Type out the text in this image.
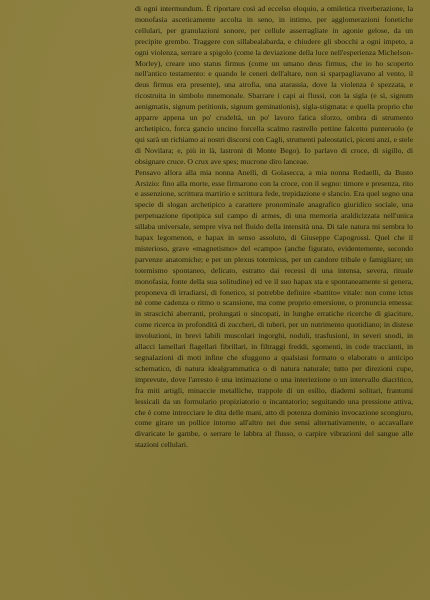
di ogni intermundum. È riportare così ad eccelso eloquio, a omiletica riverberazione, la monofasia asceticamente accolta in seno, in intimo, per agglomerazioni fonetiche cellulari, per granulazioni sonore, per cellule asserragliate in agonie gelose, da un precipite grembo. Traggere con sillabealabarda, e chiudere gli sbocchi a ogni impeto, a ogni violenza, serrare a spigolo (come la deviazione della luce nell'esperienza Michelson-Morley), creare uno status firmus (come un umano deus firmus, che io ho scoperto nell'antico testamento: e quando le ceneri dell'altare, non si sparpagliavano al vento, il deus firmus era presente), una atrofia, una atarassia, dove la violenza è spezzata, e ricostruita in simbolo mnemonale. Sbarrare i capi ai flussi, con la sigla (e sì, signum aenigmatis, signum petitionis, signum geminationis), sigla-stigmata: e quella proprio che apparre appena un po' crudeltà, un po' lavoro fatica sforzo, ombra di strumento archetipico, forca gancio uncino forcella scalmo rastrello pettine falcetto punteruolo (e qui sarà un richiamo ai nostri discorsi con Cagli, strumenti paleostatici, piceni anzi, e stele di Novilara; e, più in là, lastroni di Monte Bego). Io parlavo di croce, di sigillo, di obsignare cruce. O crux ave spes; mucrone diro lanceae.

Pensavo allora alla mia nonna Anelli, di Golasecca, a mia nonna Redaelli, da Busto Arsizio: fino alla morte, esse firmarono con la croce, con il segno: timore e presenza, rito e assenzione, scrittura martirio e scrittura fede, trepidazione e slancio. Era quel segno una specie di slogan archetipico a carattere pronominale anagrafico giuridico sociale, una perpetuazione tipotipica sul campo di armes, di una memoria araldicizzata nell'unica sillaba universale, sempre viva nel fluido della intensità una. Di tale natura mi sembra lo hapax legomenon, e hapax in senso assoluto, di Giuseppe Capogrossi. Quel che il misterioso, grave «magnetismo» del «campo» (anche figurato, evidentemente, secondo parvenze anatomiche; e per un plexus totemicus, per un candore tribale e famigliare; un totemismo spontaneo, delicato, estratto dai recessi di una intensa, severa, rituale monofasia, fonte della sua solitudine) ed ve il suo hapax sta e spontaneamente si genera, proponeva di irradiarsi, di fonetico, si potrebbe definire «battito» vitale: non come ictus nè come cadenza o ritmo o scansione, ma come proprio emersione, o pronuncia emessa: in strascichi aberranti, prolungati o sincopati, in lunghe erratiche ricerche di giaciture, come ricerca in profondità di zuccheri, di tuberi, per un nutrimento quotidiano; in distese involuzioni, in brevi labili muscolari ingorghi, noduli, trasfusioni, in severi snodi, in allacci lamellari flagellari fibrillari, in filtraggi freddi, sgomenti, in code traccianti, in segnalazioni di moti infine che sfuggono a qualsiasi formato o elaborato o anticipo schematico, di natura idealgrammatica o di natura naturale; tutto per direzioni cupe, imprevute, dove l'arresto è una intimazione o una interiezione o un intervallo diacritico, fra miti artigli, minaccie metalliche, trappole di un esilio, diademi solitari, frantumi lessicali da un formulario propiziatorio o incantatorio; seguitando una pressione attiva, che è come intrecciare le dita delle mani, atto di potenza dominio invocazione scongiuro, come girare un pollice intorno all'altro nei due sensi alternativamente, o accavallare divaricate le gambe, o serrare le labbra al flusso, o carpire vibrazioni del sangue alle stazioni cellulari.
